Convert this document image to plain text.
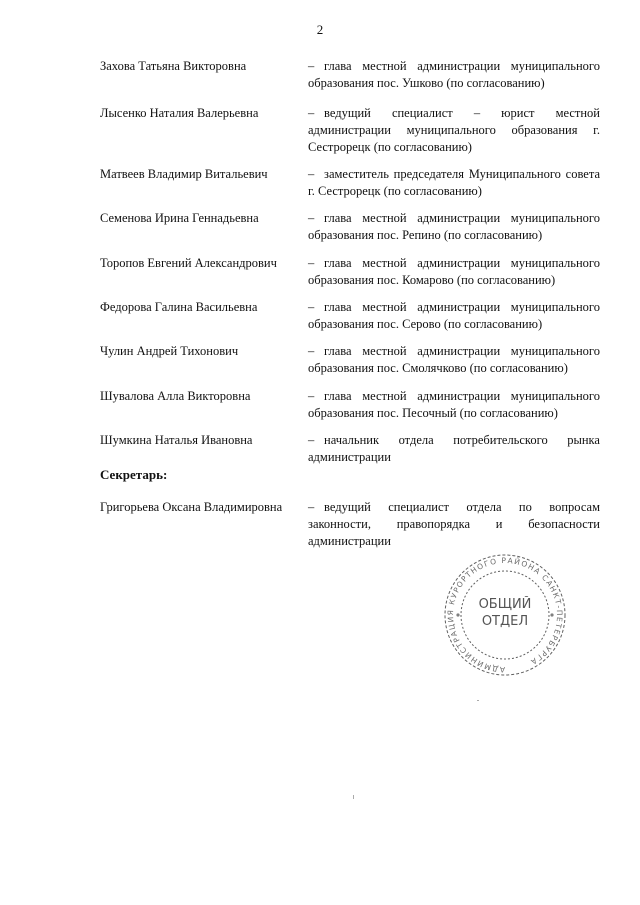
2
Захова Татьяна Викторовна	– глава местной администрации муниципального образования пос. Ушково (по согласованию)
Лысенко Наталия Валерьевна	– ведущий специалист – юрист местной администрации муниципального образования г. Сестрорецк (по согласованию)
Матвеев Владимир Витальевич	– заместитель председателя Муниципального совета г. Сестрорецк (по согласованию)
Семенова Ирина Геннадьевна	– глава местной администрации муниципального образования пос. Репино (по согласованию)
Торопов Евгений Александрович	– глава местной администрации муниципального образования пос. Комарово (по согласованию)
Федорова Галина Васильевна	– глава местной администрации муниципального образования пос. Серово (по согласованию)
Чулин Андрей Тихонович	– глава местной администрации муниципального образования пос. Смолячково (по согласованию)
Шувалова Алла Викторовна	– глава местной администрации муниципального образования пос. Песочный (по согласованию)
Шумкина Наталья Ивановна	– начальник отдела потребительского рынка администрации
Секретарь:
Григорьева Оксана Владимировна	– ведущий специалист отдела по вопросам законности, правопорядка и безопасности администрации
АДМИНИСТРАЦИЯ КУРОРТНОГО РАЙОНА САНКТ-ПЕТЕРБУРГА
ОБЩИЙ
ОТДЕЛ
